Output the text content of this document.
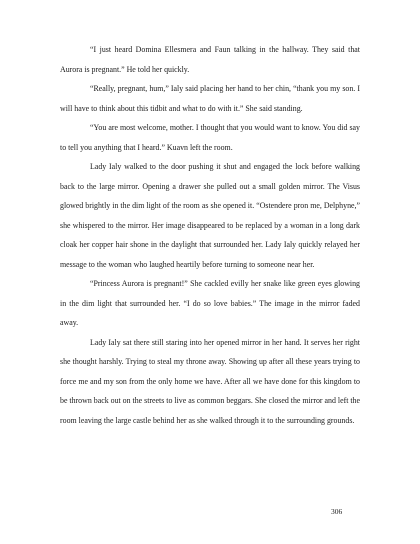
“I just heard Domina Ellesmera and Faun talking in the hallway. They said that Aurora is pregnant.” He told her quickly.

“Really, pregnant, hum,” Ialy said placing her hand to her chin, “thank you my son. I will have to think about this tidbit and what to do with it.” She said standing.

“You are most welcome, mother. I thought that you would want to know. You did say to tell you anything that I heard.” Kuavn left the room.

Lady Ialy walked to the door pushing it shut and engaged the lock before walking back to the large mirror. Opening a drawer she pulled out a small golden mirror. The Visus glowed brightly in the dim light of the room as she opened it. “Ostendere pron me, Delphyne,” she whispered to the mirror. Her image disappeared to be replaced by a woman in a long dark cloak her copper hair shone in the daylight that surrounded her. Lady Ialy quickly relayed her message to the woman who laughed heartily before turning to someone near her.

“Princess Aurora is pregnant!” She cackled evilly her snake like green eyes glowing in the dim light that surrounded her. “I do so love babies.” The image in the mirror faded away.

Lady Ialy sat there still staring into her opened mirror in her hand. It serves her right she thought harshly. Trying to steal my throne away. Showing up after all these years trying to force me and my son from the only home we have. After all we have done for this kingdom to be thrown back out on the streets to live as common beggars. She closed the mirror and left the room leaving the large castle behind her as she walked through it to the surrounding grounds.

306
